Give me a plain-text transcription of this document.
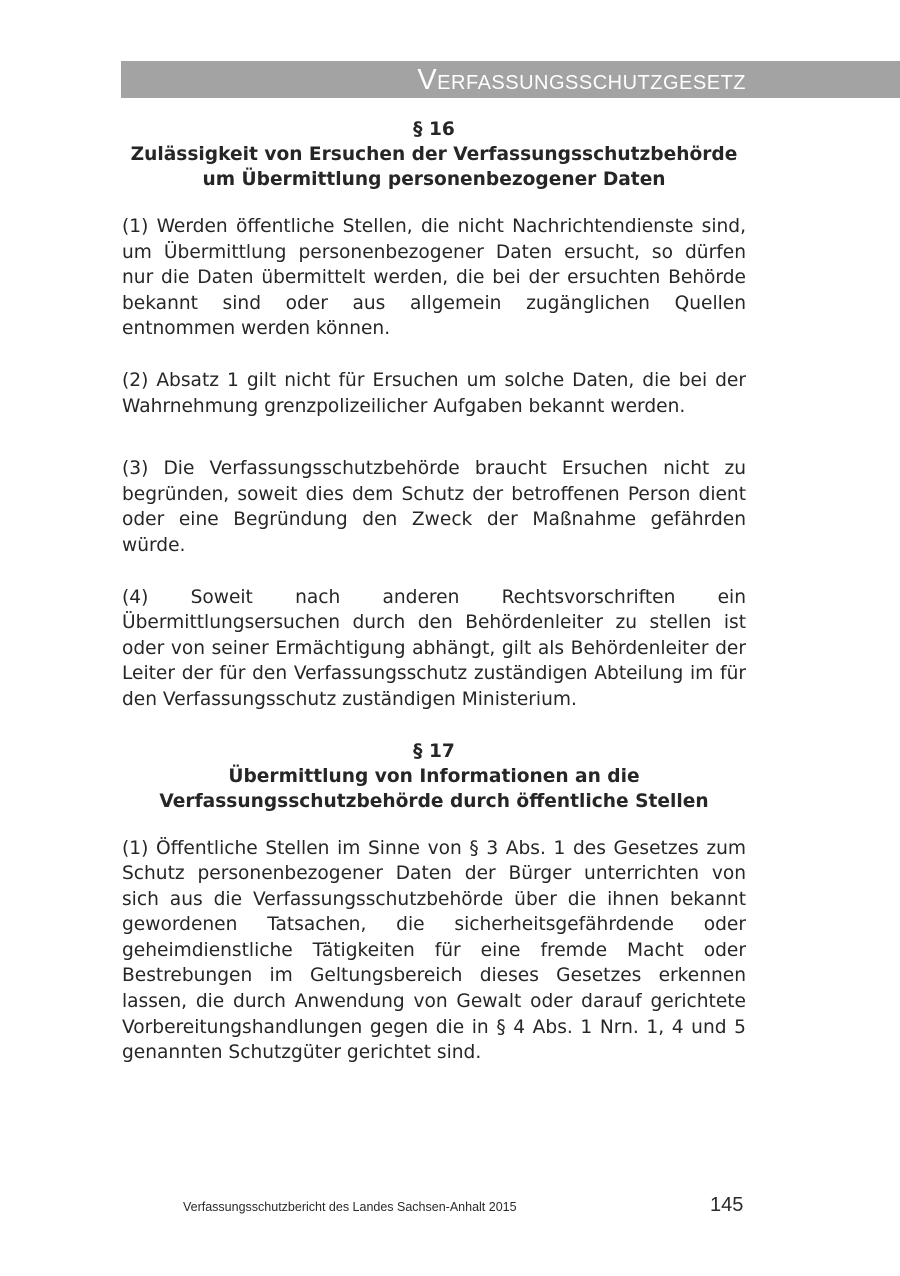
Verfassungsschutzgesetz

§ 16

Zulässigkeit von Ersuchen der Verfassungsschutzbehörde

um Übermittlung personenbezogener Daten

(1) Werden öffentliche Stellen, die nicht Nachrichtendienste sind, um Übermittlung personenbezogener Daten ersucht, so dürfen nur die Daten übermittelt werden, die bei der ersuchten Behörde bekannt sind oder aus allgemein zugänglichen Quellen entnommen werden können.

(2) Absatz 1 gilt nicht für Ersuchen um solche Daten, die bei der Wahrnehmung grenzpolizeilicher Aufgaben bekannt werden.

(3) Die Verfassungsschutzbehörde braucht Ersuchen nicht zu begründen, soweit dies dem Schutz der betroffenen Person dient oder eine Begründung den Zweck der Maßnahme gefährden würde.

(4) Soweit nach anderen Rechtsvorschriften ein Übermittlungsersuchen durch den Behördenleiter zu stellen ist oder von seiner Ermächtigung abhängt, gilt als Behördenleiter der Leiter der für den Verfassungsschutz zuständigen Abteilung im für den Verfassungsschutz zuständigen Ministerium.

§ 17

Übermittlung von Informationen an die

Verfassungsschutzbehörde durch öffentliche Stellen

(1) Öffentliche Stellen im Sinne von § 3 Abs. 1 des Gesetzes zum Schutz personenbezogener Daten der Bürger unterrichten von sich aus die Verfassungsschutzbehörde über die ihnen bekannt gewordenen Tatsachen, die sicherheitsgefährdende oder geheimdienstliche Tätigkeiten für eine fremde Macht oder Bestrebungen im Geltungsbereich dieses Gesetzes erkennen lassen, die durch Anwendung von Gewalt oder darauf gerichtete Vorbereitungshandlungen gegen die in § 4 Abs. 1 Nrn. 1, 4 und 5 genannten Schutzgüter gerichtet sind.

Verfassungsschutzbericht des Landes Sachsen-Anhalt 2015	145
